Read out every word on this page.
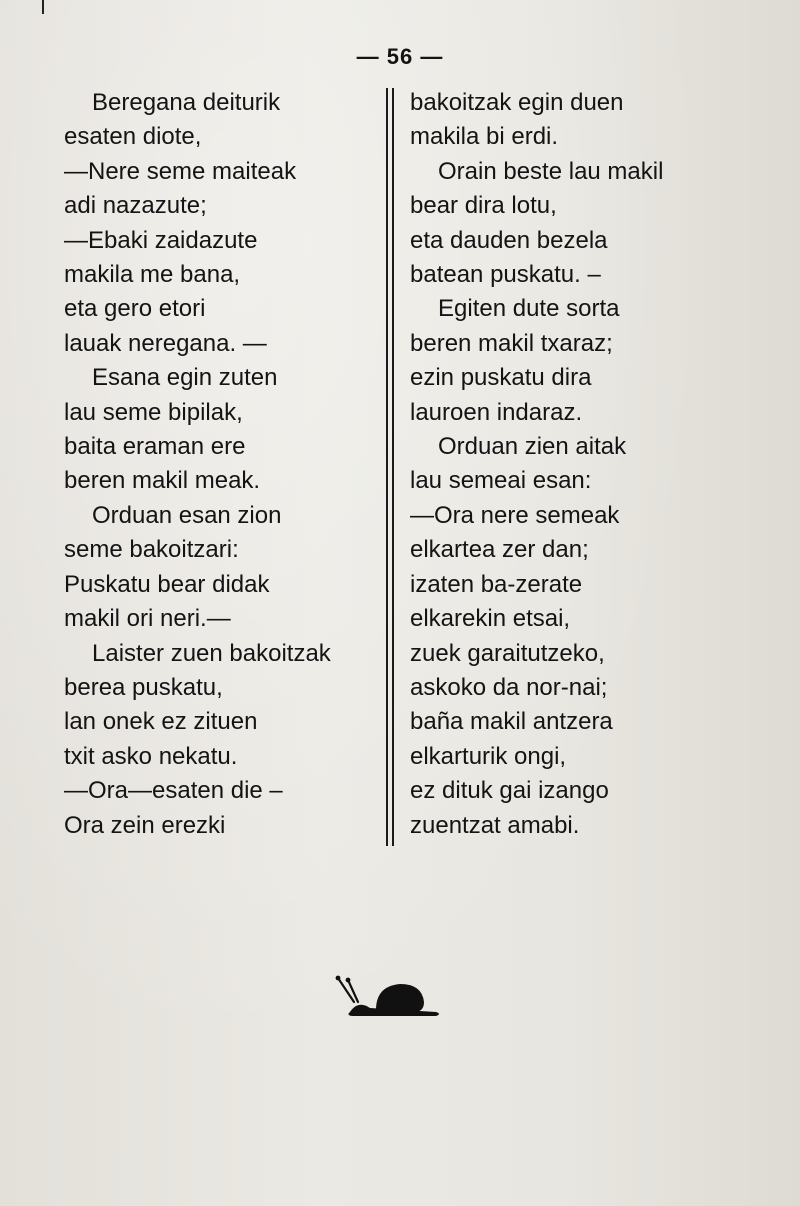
— 56 —
Beregana deiturik
esaten diote,
—Nere seme maiteak
adi nazazute;
—Ebaki zaidazute
makila me bana,
eta gero etori
lauak neregana. —
Esana egin zuten
lau seme bipilak,
baita eraman ere
beren makil meak.
Orduan esan zion
seme bakoitzari:
Puskatu bear didak
makil ori neri.—
Laister zuen bakoitzak
berea puskatu,
lan onek ez zituen
txit asko nekatu.
—Ora—esaten die –
Ora zein erezki
bakoitzak egin duen
makila bi erdi.
Orain beste lau makil
bear dira lotu,
eta dauden bezela
batean puskatu. –
Egiten dute sorta
beren makil txaraz;
ezin puskatu dira
lauroen indaraz.
Orduan zien aitak
lau semeai esan:
—Ora nere semeak
elkartea zer dan;
izaten ba-zerate
elkarekin etsai,
zuek garaitutzeko,
askoko da nor-nai;
baña makil antzera
elkarturik ongi,
ez dituk gai izango
zuentzat amabi.
